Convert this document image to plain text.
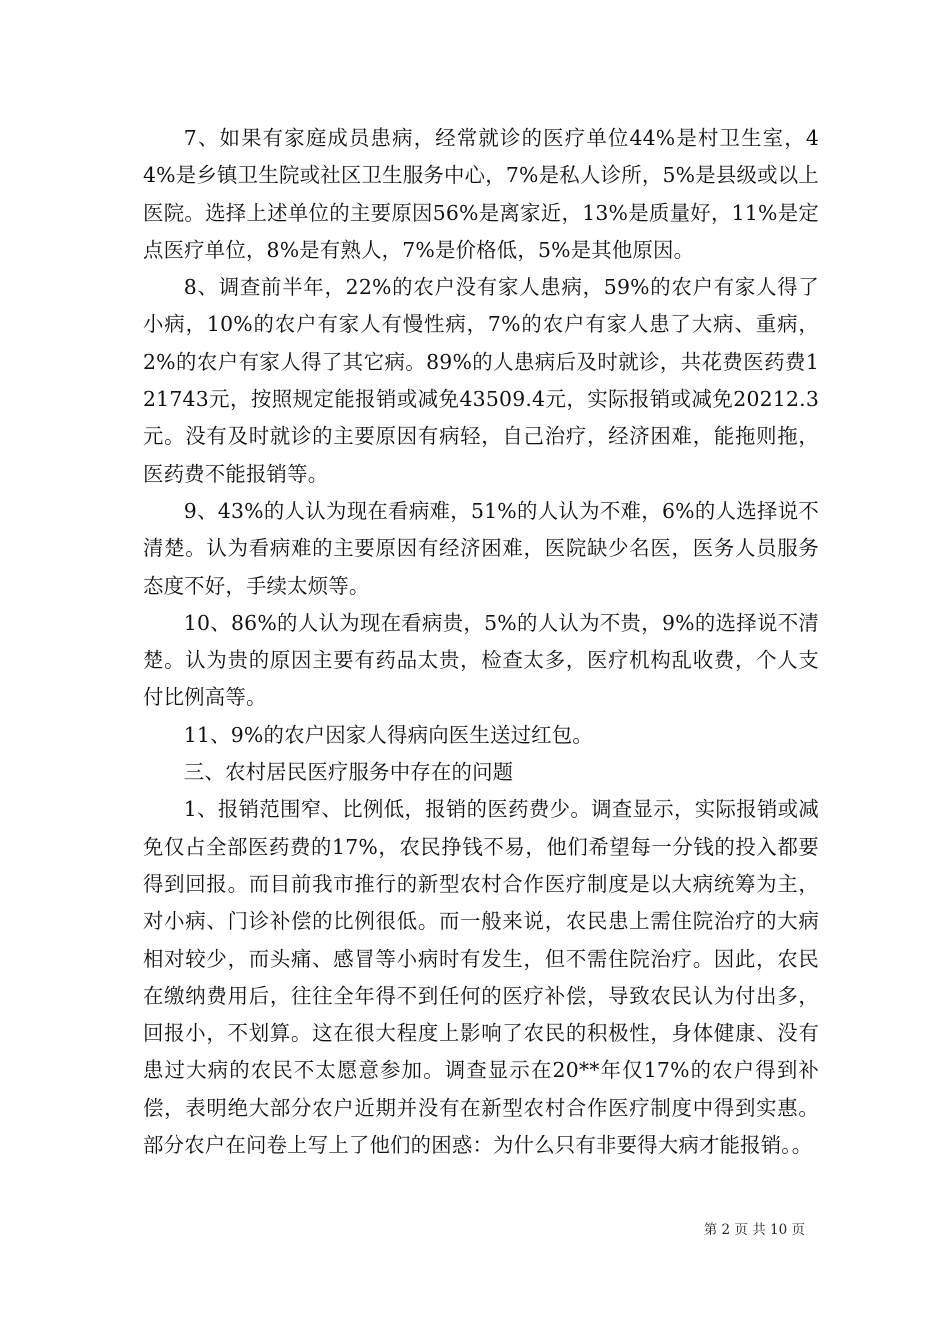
7、如果有家庭成员患病，经常就诊的医疗单位44%是村卫生室，44%是乡镇卫生院或社区卫生服务中心，7%是私人诊所，5%是县级或以上医院。选择上述单位的主要原因56%是离家近，13%是质量好，11%是定点医疗单位，8%是有熟人，7%是价格低，5%是其他原因。

8、调查前半年，22%的农户没有家人患病，59%的农户有家人得了小病，10%的农户有家人有慢性病，7%的农户有家人患了大病、重病，2%的农户有家人得了其它病。89%的人患病后及时就诊，共花费医药费121743元，按照规定能报销或减免43509.4元，实际报销或减免20212.3元。没有及时就诊的主要原因有病轻，自己治疗，经济困难，能拖则拖，医药费不能报销等。

9、43%的人认为现在看病难，51%的人认为不难，6%的人选择说不清楚。认为看病难的主要原因有经济困难，医院缺少名医，医务人员服务态度不好，手续太烦等。

10、86%的人认为现在看病贵，5%的人认为不贵，9%的选择说不清楚。认为贵的原因主要有药品太贵，检查太多，医疗机构乱收费，个人支付比例高等。

11、9%的农户因家人得病向医生送过红包。

三、农村居民医疗服务中存在的问题

1、报销范围窄、比例低，报销的医药费少。调查显示，实际报销或减免仅占全部医药费的17%，农民挣钱不易，他们希望每一分钱的投入都要得到回报。而目前我市推行的新型农村合作医疗制度是以大病统筹为主，对小病、门诊补偿的比例很低。而一般来说，农民患上需住院治疗的大病相对较少，而头痛、感冒等小病时有发生，但不需住院治疗。因此，农民在缴纳费用后，往往全年得不到任何的医疗补偿，导致农民认为付出多，回报小，不划算。这在很大程度上影响了农民的积极性，身体健康、没有患过大病的农民不太愿意参加。调查显示在20**年仅17%的农户得到补偿，表明绝大部分农户近期并没有在新型农村合作医疗制度中得到实惠。部分农户在问卷上写上了他们的困惑：为什么只有非要得大病才能报销。。

第 2 页 共 10 页
